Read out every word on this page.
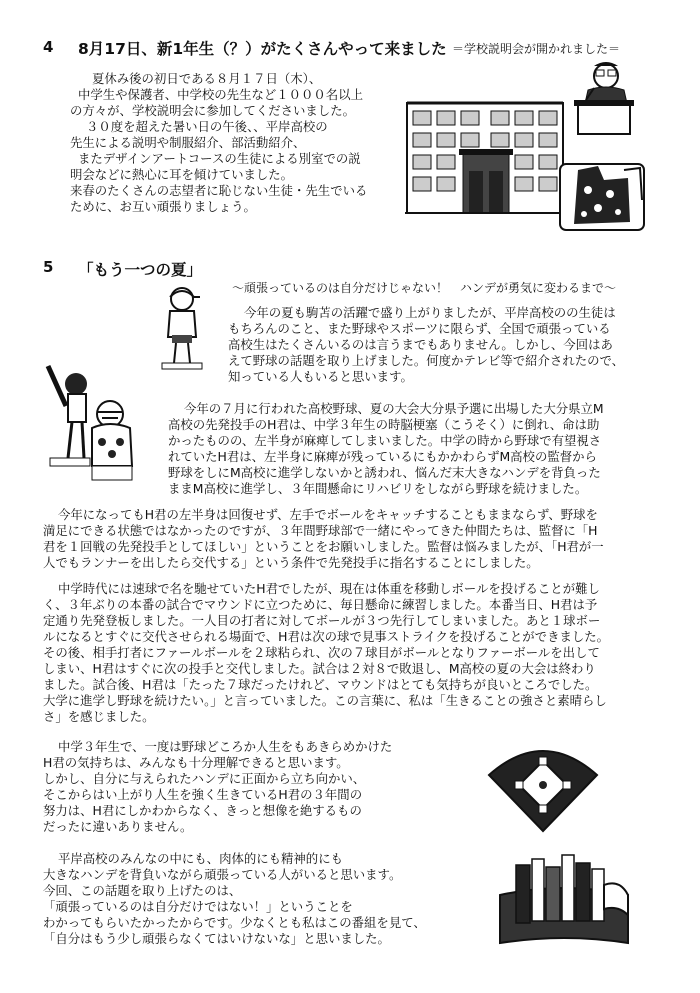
4 8月17日、新1年生（？）がたくさんやって来ました ＝学校説明会が開かれました＝
夏休み後の初日である８月１７日（木）、
中学生や保護者、中学校の先生など１０００名以上
の方々が、学校説明会に参加してくださいました。
３０度を超えた暑い日の午後、、平岸高校の
先生による説明や制服紹介、部活動紹介、
またデザインアートコースの生徒による別室での説
明会などに熱心に耳を傾けていました。
来春のたくさんの志望者に恥じない生徒・先生でいる
ために、お互い頑張りましょう。
5 「もう一つの夏」
～頑張っているのは自分だけじゃない！　ハンデが勇気に変わるまで～
今年の夏も駒苫の活躍で盛り上がりましたが、平岸高校のの生徒は
もちろんのこと、また野球やスポーツに限らず、全国で頑張っている
高校生はたくさんいるのは言うまでもありません。しかし、今回はあ
えて野球の話題を取り上げました。何度かテレビ等で紹介されたので、
知っている人もいると思います。
今年の７月に行われた高校野球、夏の大会大分県予選に出場した大分県立M
高校の先発投手のH君は、中学３年生の時脳梗塞（こうそく）に倒れ、命は助
かったものの、左半身が麻痺してしまいました。中学の時から野球で有望視さ
れていたH君は、左半身に麻痺が残っているにもかかわらずM高校の監督から
野球をしにM高校に進学しないかと誘われ、悩んだ末大きなハンデを背負った
ままM高校に進学し、３年間懸命にリハビリをしながら野球を続けました。
今年になってもH君の左半身は回復せず、左手でボールをキャッチすることもままならず、野球を
満足にできる状態ではなかったのですが、３年間野球部で一緒にやってきた仲間たちは、監督に「H
君を１回戦の先発投手としてほしい」ということをお願いしました。監督は悩みましたが、「H君が一
人でもランナーを出したら交代する」という条件で先発投手に指名することにしました。
中学時代には速球で名を馳せていたH君でしたが、現在は体重を移動しボールを投げることが難し
く、３年ぶりの本番の試合でマウンドに立つために、毎日懸命に練習しました。本番当日、H君は予
定通り先発登板しました。一人目の打者に対してボールが３つ先行してしまいました。あと１球ボー
ルになるとすぐに交代させられる場面で、H君は次の球で見事ストライクを投げることができました。
その後、相手打者にファールボールを２球粘られ、次の７球目がボールとなりファーボールを出して
しまい、H君はすぐに次の投手と交代しました。試合は２対８で敗退し、M高校の夏の大会は終わり
ました。試合後、H君は「たった７球だったけれど、マウンドはとても気持ちが良いところでした。
大学に進学し野球を続けたい。」と言っていました。この言葉に、私は「生きることの強さと素晴らし
さ」を感じました。
中学３年生で、一度は野球どころか人生をもあきらめかけた
H君の気持ちは、みんなも十分理解できると思います。
しかし、自分に与えられたハンデに正面から立ち向かい、
そこからはい上がり人生を強く生きているH君の３年間の
努力は、H君にしかわからなく、きっと想像を絶するもの
だったに違いありません。
平岸高校のみんなの中にも、肉体的にも精神的にも
大きなハンデを背負いながら頑張っている人がいると思います。
今回、この話題を取り上げたのは、
「頑張っているのは自分だけではない！」ということを
わかってもらいたかったからです。少なくとも私はこの番組を見て、
「自分はもう少し頑張らなくてはいけないな」と思いました。
